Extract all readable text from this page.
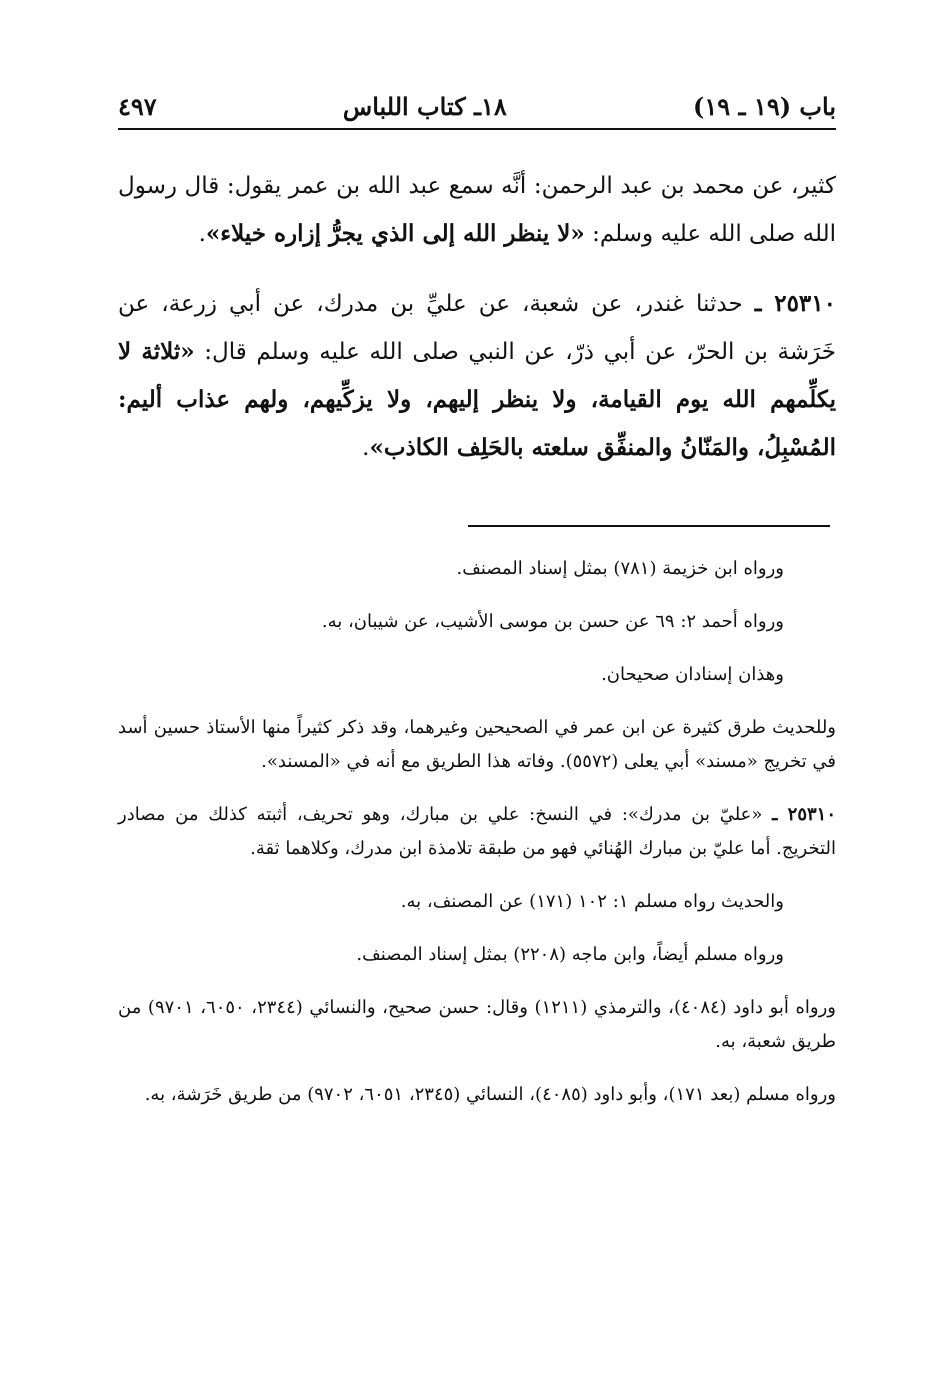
باب (١٩ ـ ١٩)
١٨ـ كتاب اللباس
٤٩٧

كثير، عن محمد بن عبد الرحمن: أنَّه سمع عبد الله بن عمر يقول: قال رسول الله صلى الله عليه وسلم: «لا ينظر الله إلى الذي يجرُّ إزاره خيلاء».

٢٥٣١٠ ـ حدثنا غندر، عن شعبة، عن عليِّ بن مدرك، عن أبي زرعة، عن خَرَشة بن الحرّ، عن أبي ذرّ، عن النبي صلى الله عليه وسلم قال: «ثلاثة لا يكلِّمهم الله يوم القيامة، ولا ينظر إليهم، ولا يزكِّيهم، ولهم عذاب أليم: المُسْبِلُ، والمَنّانُ والمنفِّق سلعته بالحَلِف الكاذب».

ورواه ابن خزيمة (٧٨١) بمثل إسناد المصنف.

ورواه أحمد ٢: ٦٩ عن حسن بن موسى الأشيب، عن شيبان، به.

وهذان إسنادان صحيحان.

وللحديث طرق كثيرة عن ابن عمر في الصحيحين وغيرهما، وقد ذكر كثيراً منها الأستاذ حسين أسد في تخريج «مسند» أبي يعلى (٥٥٧٢). وفاته هذا الطريق مع أنه في «المسند».

٢٥٣١٠ ـ «عليّ بن مدرك»: في النسخ: علي بن مبارك، وهو تحريف، أثبته كذلك من مصادر التخريج. أما عليّ بن مبارك الهُنائي فهو من طبقة تلامذة ابن مدرك، وكلاهما ثقة.

والحديث رواه مسلم ١: ١٠٢ (١٧١) عن المصنف، به.

ورواه مسلم أيضاً، وابن ماجه (٢٢٠٨) بمثل إسناد المصنف.

ورواه أبو داود (٤٠٨٤)، والترمذي (١٢١١) وقال: حسن صحيح، والنسائي (٢٣٤٤، ٦٠٥٠، ٩٧٠١) من طريق شعبة، به.

ورواه مسلم (بعد ١٧١)، وأبو داود (٤٠٨٥)، النسائي (٢٣٤٥، ٦٠٥١، ٩٧٠٢) من طريق خَرَشة، به.
